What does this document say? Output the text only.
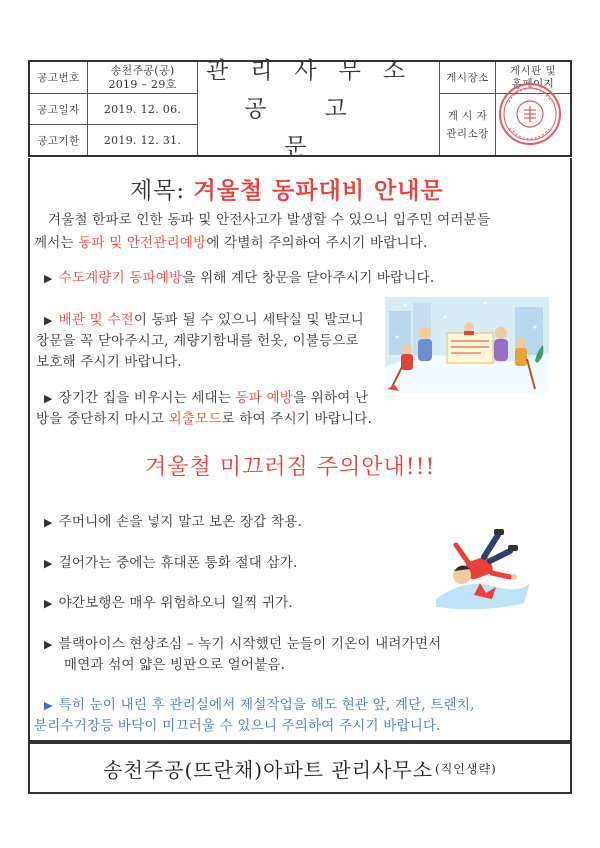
공고번호
공고일자
공고기한
송천주공(공)
2019 – 29호
2019. 12. 06.
2019. 12. 31.
관리사무소
공고문
게시장소
게 시 자
관리소장
게시판 및
홈페이지
제목: 겨울철 동파대비 안내문
겨울철 한파로 인한 동파 및 안전사고가 발생할 수 있으니 입주민 여러분들
께서는 동파 및 안전관리예방에 각별히 주의하여 주시기 바랍니다.
▶ 수도계량기 동파예방을 위해 계단 창문을 닫아주시기 바랍니다.
▶ 배관 및 수전이 동파 될 수 있으니 세탁실 및 발코니
창문을 꼭 닫아주시고, 계량기함내를 헌옷, 이불등으로
보호해 주시기 바랍니다.
▶ 장기간 집을 비우시는 세대는 동파 예방을 위하여 난
방을 중단하지 마시고 외출모드로 하여 주시기 바랍니다.
겨울철 미끄러짐 주의안내!!!
▶ 주머니에 손을 넣지 말고 보온 장갑 착용.
▶ 걸어가는 중에는 휴대폰 통화 절대 삼가.
▶ 야간보행은 매우 위험하오니 일찍 귀가.
▶ 블랙아이스 현상조심 – 녹기 시작했던 눈들이 기온이 내려가면서
매연과 섞여 얇은 빙판으로 얼어붙음.
▶ 특히 눈이 내린 후 관리실에서 제설작업을 해도 현관 앞, 계단, 트랜치,
분리수거장등 바닥이 미끄러울 수 있으니 주의하여 주시기 바랍니다.
송천주공(뜨란채)아파트 관리사무소 (직인생략)
